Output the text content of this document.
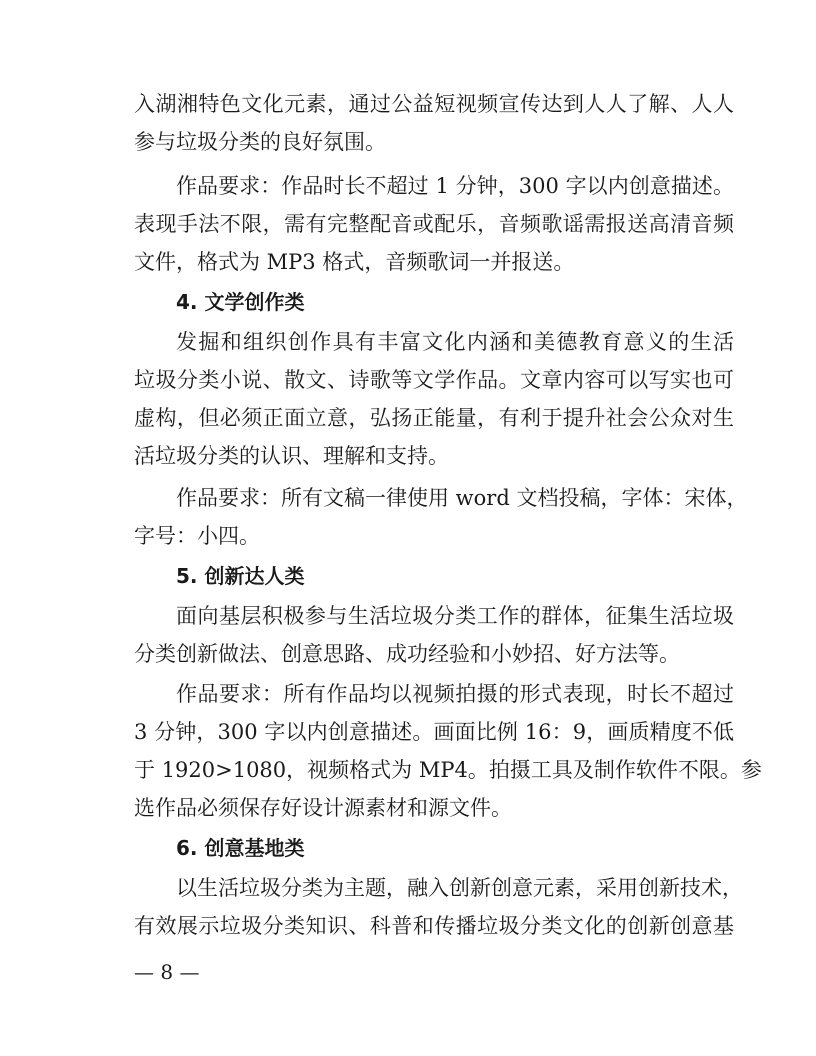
入湖湘特色文化元素，通过公益短视频宣传达到人人了解、人人
参与垃圾分类的良好氛围。
作品要求：作品时长不超过 1 分钟，300 字以内创意描述。
表现手法不限，需有完整配音或配乐，音频歌谣需报送高清音频
文件，格式为 MP3 格式，音频歌词一并报送。
4. 文学创作类
发掘和组织创作具有丰富文化内涵和美德教育意义的生活
垃圾分类小说、散文、诗歌等文学作品。文章内容可以写实也可
虚构，但必须正面立意，弘扬正能量，有利于提升社会公众对生
活垃圾分类的认识、理解和支持。
作品要求：所有文稿一律使用 word 文档投稿，字体：宋体，
字号：小四。
5. 创新达人类
面向基层积极参与生活垃圾分类工作的群体，征集生活垃圾
分类创新做法、创意思路、成功经验和小妙招、好方法等。
作品要求：所有作品均以视频拍摄的形式表现，时长不超过
3 分钟，300 字以内创意描述。画面比例 16：9，画质精度不低
于 1920>1080，视频格式为 MP4。拍摄工具及制作软件不限。参
选作品必须保存好设计源素材和源文件。
6. 创意基地类
以生活垃圾分类为主题，融入创新创意元素，采用创新技术，
有效展示垃圾分类知识、科普和传播垃圾分类文化的创新创意基
— 8 —
